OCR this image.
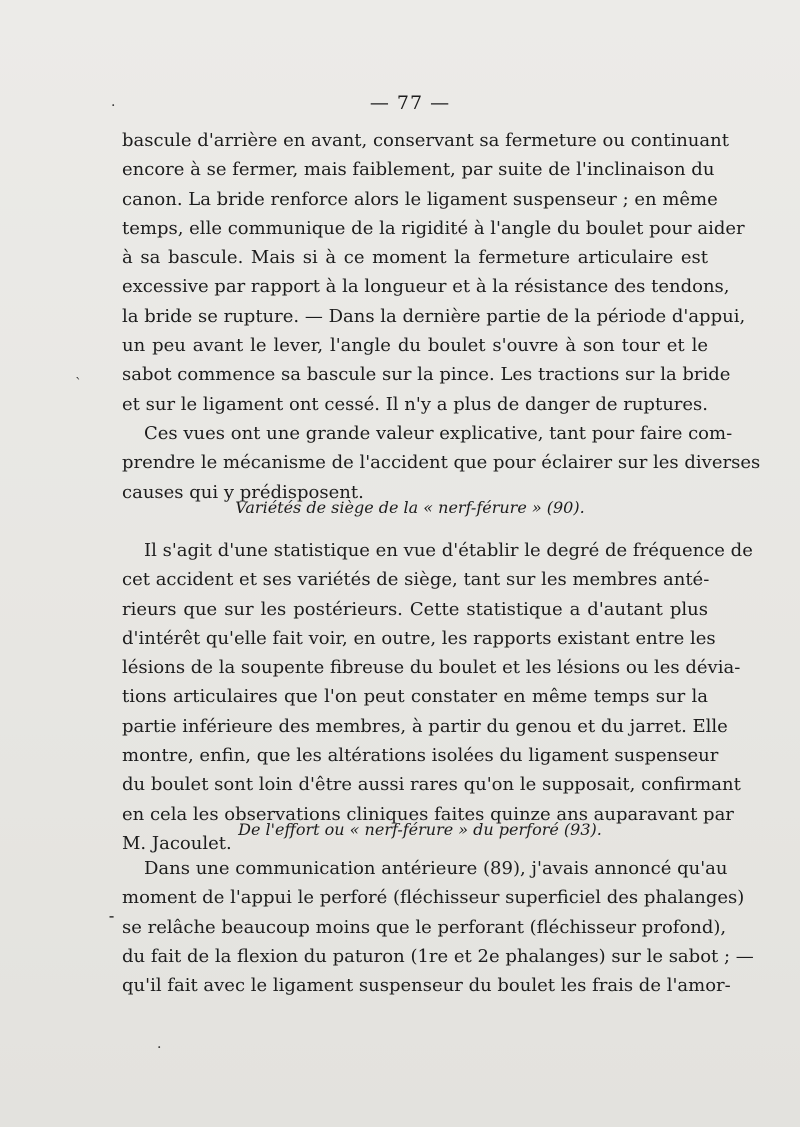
— 77 —
·
`
⁃
·
bascule d'arrière en avant, conservant sa fermeture ou continuant
encore à se fermer, mais faiblement, par suite de l'inclinaison du
canon. La bride renforce alors le ligament suspenseur ; en même
temps, elle communique de la rigidité à l'angle du boulet pour aider
à sa bascule. Mais si à ce moment la fermeture articulaire est
excessive par rapport à la longueur et à la résistance des tendons,
la bride se rupture. — Dans la dernière partie de la période d'appui,
un peu avant le lever, l'angle du boulet s'ouvre à son tour et le
sabot commence sa bascule sur la pince. Les tractions sur la bride
et sur le ligament ont cessé. Il n'y a plus de danger de ruptures.
Ces vues ont une grande valeur explicative, tant pour faire com-
prendre le mécanisme de l'accident que pour éclairer sur les diverses
causes qui y prédisposent.
Variétés de siège de la « nerf-férure » (90).
Il s'agit d'une statistique en vue d'établir le degré de fréquence de
cet accident et ses variétés de siège, tant sur les membres anté-
rieurs que sur les postérieurs. Cette statistique a d'autant plus
d'intérêt qu'elle fait voir, en outre, les rapports existant entre les
lésions de la soupente fibreuse du boulet et les lésions ou les dévia-
tions articulaires que l'on peut constater en même temps sur la
partie inférieure des membres, à partir du genou et du jarret. Elle
montre, enfin, que les altérations isolées du ligament suspenseur
du boulet sont loin d'être aussi rares qu'on le supposait, confirmant
en cela les observations cliniques faites quinze ans auparavant par
M. Jacoulet.
De l'effort ou « nerf-férure » du perforé (93).
Dans une communication antérieure (89), j'avais annoncé qu'au
moment de l'appui le perforé (fléchisseur superficiel des phalanges)
se relâche beaucoup moins que le perforant (fléchisseur profond),
du fait de la flexion du paturon (1re et 2e phalanges) sur le sabot ; —
qu'il fait avec le ligament suspenseur du boulet les frais de l'amor-
